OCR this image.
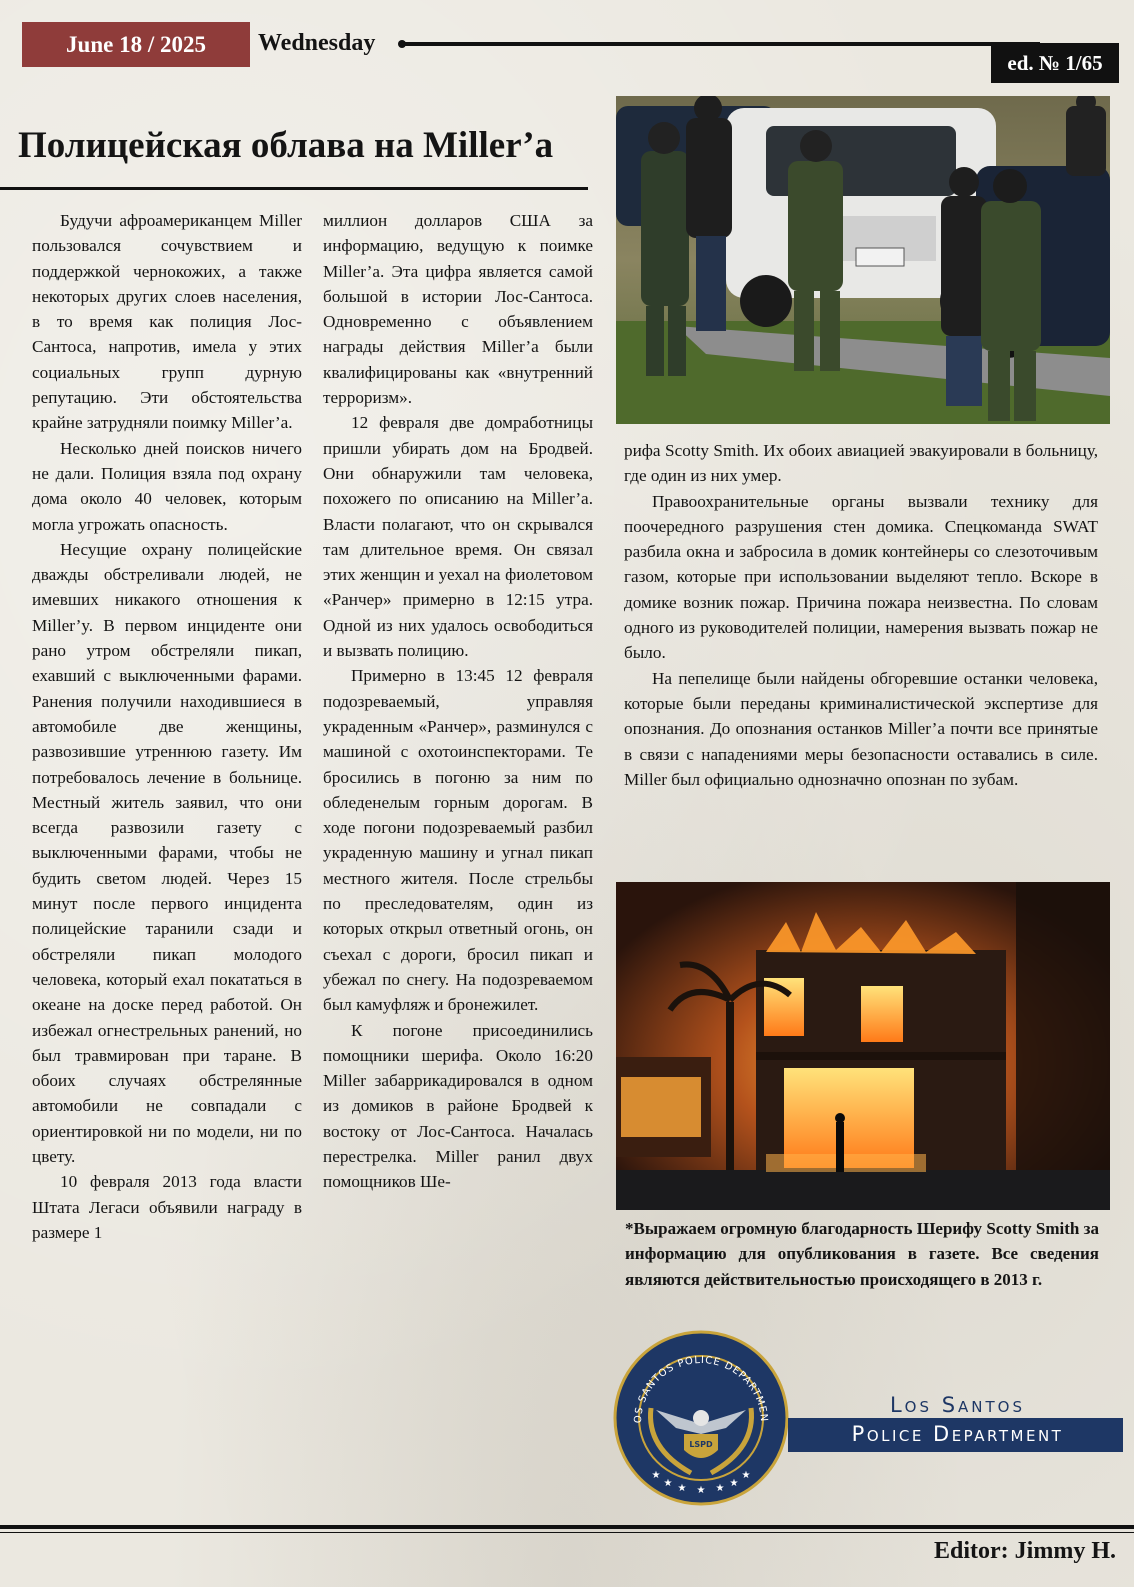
June 18 / 2025 Wednesday
ed. № 1/65
Полицейская облава на Miller’a

Будучи афроамериканцем Miller пользовался сочувствием и поддержкой чернокожих, а также некоторых других слоев населения, в то время как полиция Лос-Сантоса, напротив, имела у этих социальных групп дурную репутацию. Эти обстоятельства крайне затрудняли поимку Miller’a.

Несколько дней поисков ничего не дали. Полиция взяла под охрану дома около 40 человек, которым могла угрожать опасность.

Несущие охрану полицейские дважды обстреливали людей, не имевших никакого отношения к Miller’y. В первом инциденте они рано утром обстреляли пикап, ехавший с выключенными фарами. Ранения получили находившиеся в автомобиле две женщины, развозившие утреннюю газету. Им потребовалось лечение в больнице. Местный житель заявил, что они всегда развозили газету с выключенными фарами, чтобы не будить светом людей. Через 15 минут после первого инцидента полицейские таранили сзади и обстреляли пикап молодого человека, который ехал покататься в океане на доске перед работой. Он избежал огнестрельных ранений, но был травмирован при таране. В обоих случаях обстрелянные автомобили не совпадали с ориентировкой ни по модели, ни по цвету.

10 февраля 2013 года власти Штата Легаси объявили награду в размере 1

миллион долларов США за информацию, ведущую к поимке Miller’a. Эта цифра является самой большой в истории Лос-Сантоса. Одновременно с объявлением награды действия Miller’a были квалифицированы как «внутренний терроризм».

12 февраля две домработницы пришли убирать дом на Бродвей. Они обнаружили там человека, похожего по описанию на Miller’a. Власти полагают, что он скрывался там длительное время. Он связал этих женщин и уехал на фиолетовом «Ранчер» примерно в 12:15 утра. Одной из них удалось освободиться и вызвать полицию.

Примерно в 13:45 12 февраля подозреваемый, управляя украденным «Ранчер», разминулся с машиной с охотоинспекторами. Те бросились в погоню за ним по обледенелым горным дорогам. В ходе погони подозреваемый разбил украденную машину и угнал пикап местного жителя. После стрельбы по преследователям, один из которых открыл ответный огонь, он съехал с дороги, бросил пикап и убежал по снегу. На подозреваемом был камуфляж и бронежилет.

К погоне присоединились помощники шерифа. Около 16:20 Miller забаррикадировался в одном из домиков в районе Бродвей к востоку от Лос-Сантоса. Началась перестрелка. Miller ранил двух помощников Ше-

рифа Scotty Smith. Их обоих авиацией эвакуировали в больницу, где один из них умер.

Правоохранительные органы вызвали технику для поочередного разрушения стен домика. Спецкоманда SWAT разбила окна и забросила в домик контейнеры со слезоточивым газом, которые при использовании выделяют тепло. Вскоре в домике возник пожар. Причина пожара неизвестна. По словам одного из руководителей полиции, намерения вызвать пожар не было.

На пепелище были найдены обгоревшие останки человека, которые были переданы криминалистической экспертизе для опознания. До опознания останков Miller’a почти все принятые в связи с нападениями меры безопасности оставались в силе. Miller был официально однозначно опознан по зубам.

*Выражаем огромную благодарность Шерифу Scotty Smith за информацию для опубликования в газете. Все сведения являются действительностью происходящего в 2013 г.
OS SANTOS POLICE DEPARTMEN
LSPD
★
★ ★ ★ ★ ★
★
Los Santos
Police Department
Editor: Jimmy H.
